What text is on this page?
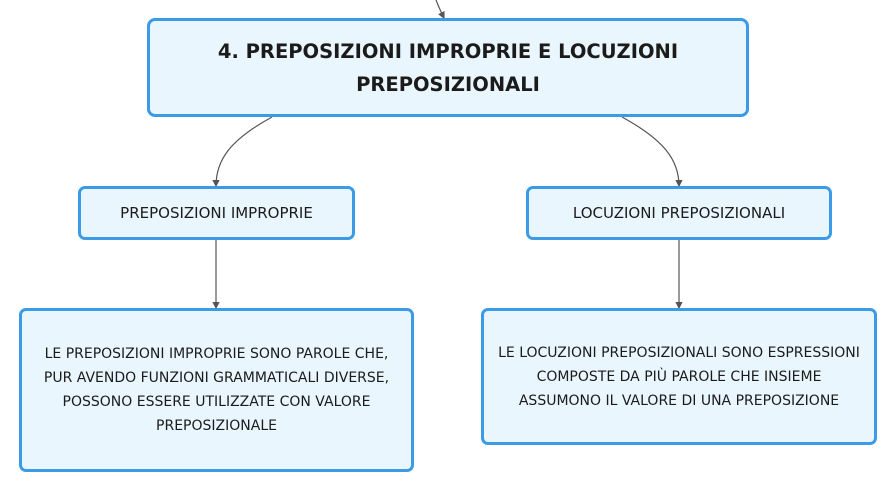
4. PREPOSIZIONI IMPROPRIE E LOCUZIONI PREPOSIZIONALI
PREPOSIZIONI IMPROPRIE	LOCUZIONI PREPOSIZIONALI
LE PREPOSIZIONI IMPROPRIE SONO PAROLE CHE, PUR AVENDO FUNZIONI GRAMMATICALI DIVERSE, POSSONO ESSERE UTILIZZATE CON VALORE PREPOSIZIONALE
LE LOCUZIONI PREPOSIZIONALI SONO ESPRESSIONI COMPOSTE DA PIÙ PAROLE CHE INSIEME ASSUMONO IL VALORE DI UNA PREPOSIZIONE
